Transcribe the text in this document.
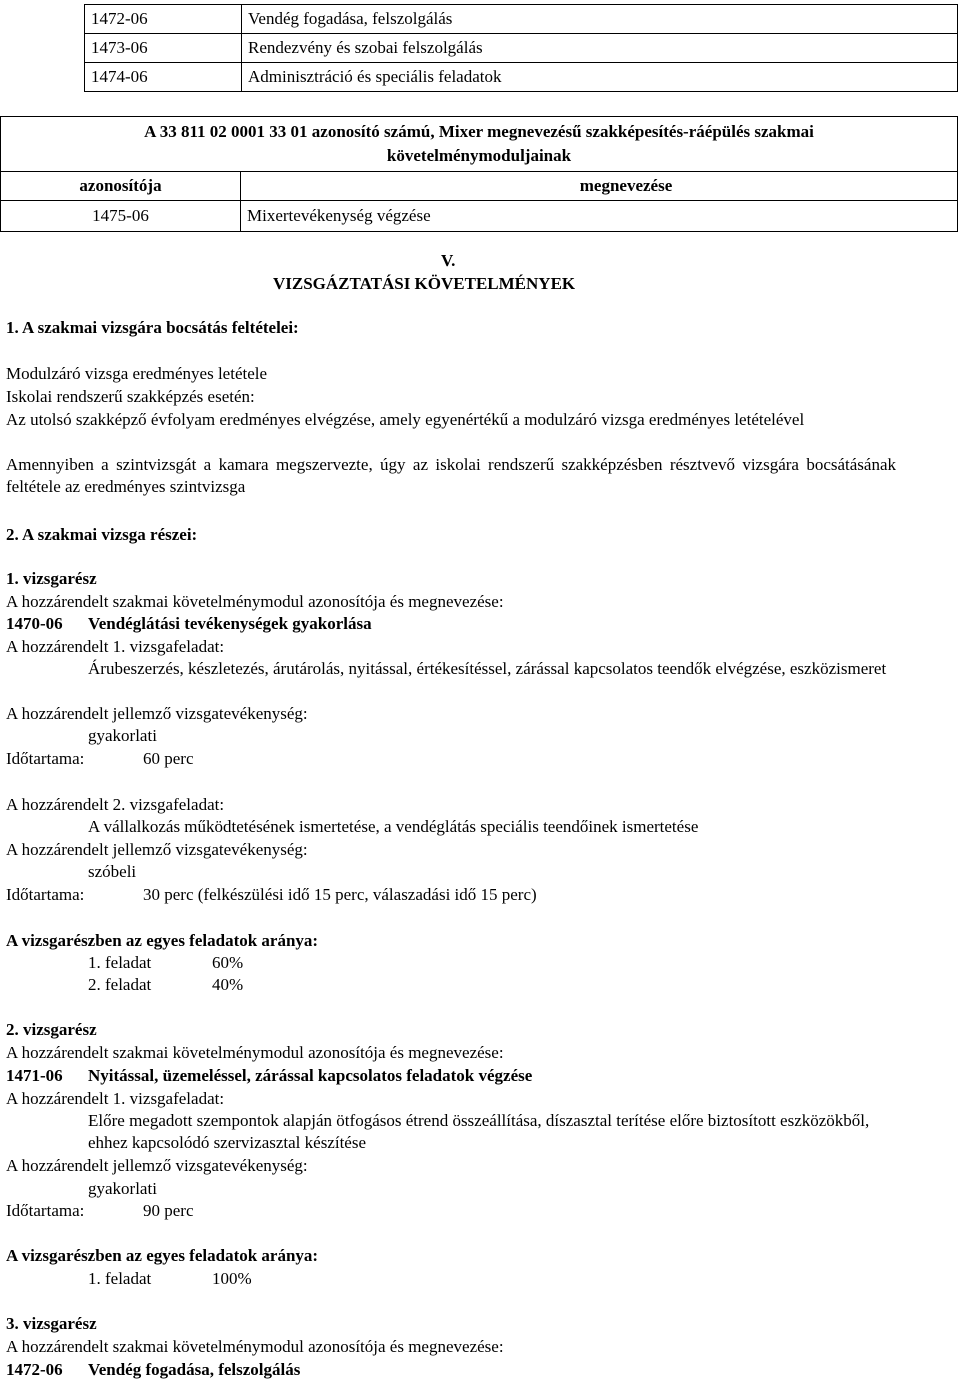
1472-06	Vendég fogadása, felszolgálás
1473-06	Rendezvény és szobai felszolgálás
1474-06	Adminisztráció és speciális feladatok
A 33 811 02 0001 33 01 azonosító számú, Mixer megnevezésű szakképesítés-ráépülés szakmai
követelménymoduljainak	

azonosítója	megnevezése
1475-06	Mixertevékenység végzése
V.
VIZSGÁZTATÁSI KÖVETELMÉNYEK
1. A szakmai vizsgára bocsátás feltételei:
Modulzáró vizsga eredményes letétele
Iskolai rendszerű szakképzés esetén:
Az utolsó szakképző évfolyam eredményes elvégzése, amely egyenértékű a modulzáró vizsga eredményes letételével
Amennyiben a szintvizsgát a kamara megszervezte, úgy az iskolai rendszerű szakképzésben résztvevő vizsgára bocsátásának feltétele az eredményes szintvizsga
2. A szakmai vizsga részei:
1. vizsgarész
A hozzárendelt szakmai követelménymodul azonosítója és megnevezése:
1470-06 Vendéglátási tevékenységek gyakorlása
A hozzárendelt 1. vizsgafeladat:
Árubeszerzés, készletezés, árutárolás, nyitással, értékesítéssel, zárással kapcsolatos teendők elvégzése, eszközismeret
A hozzárendelt jellemző vizsgatevékenység:
gyakorlati
Időtartama:	60 perc
A hozzárendelt 2. vizsgafeladat:
A vállalkozás működtetésének ismertetése, a vendéglátás speciális teendőinek ismertetése
A hozzárendelt jellemző vizsgatevékenység:
szóbeli
Időtartama:	30 perc (felkészülési idő 15 perc, válaszadási idő 15 perc)
A vizsgarészben az egyes feladatok aránya:
1. feladat	60%
2. feladat	40%
2. vizsgarész
A hozzárendelt szakmai követelménymodul azonosítója és megnevezése:
1471-06 Nyitással, üzemeléssel, zárással kapcsolatos feladatok végzése
A hozzárendelt 1. vizsgafeladat:
Előre megadott szempontok alapján ötfogásos étrend összeállítása, díszasztal terítése előre biztosított eszközökből, ehhez kapcsolódó szervizasztal készítése
A hozzárendelt jellemző vizsgatevékenység:
gyakorlati
Időtartama:	90 perc
A vizsgarészben az egyes feladatok aránya:
1. feladat	100%
3. vizsgarész
A hozzárendelt szakmai követelménymodul azonosítója és megnevezése:
1472-06 Vendég fogadása, felszolgálás
